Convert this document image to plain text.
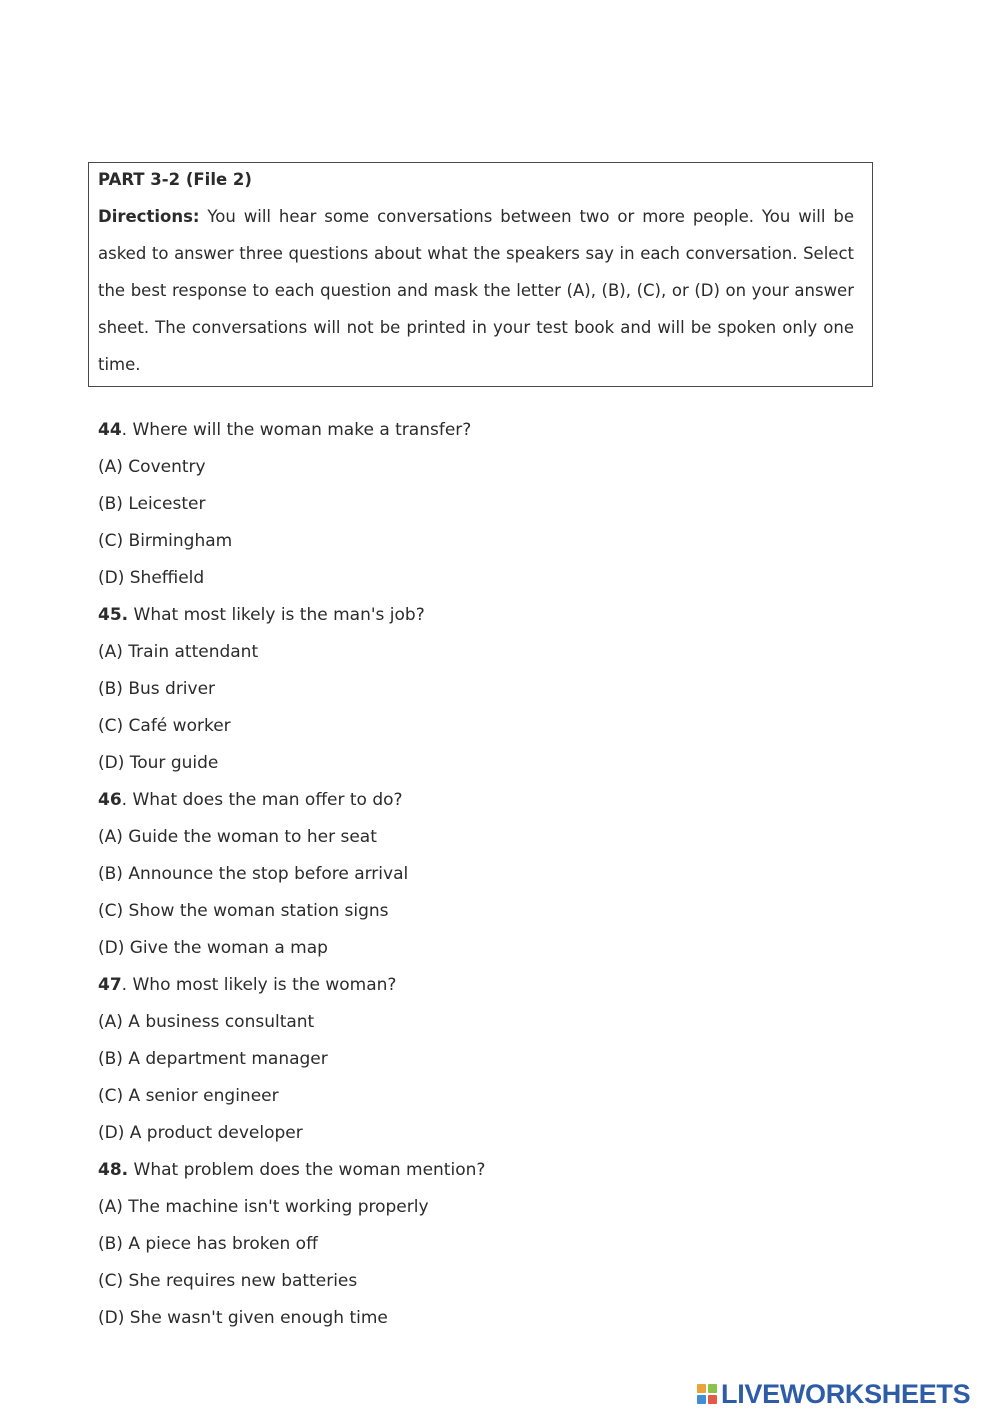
PART 3-2 (File 2)

Directions: You will hear some conversations between two or more people. You will be asked to answer three questions about what the speakers say in each conversation. Select the best response to each question and mask the letter (A), (B), (C), or (D) on your answer sheet. The conversations will not be printed in your test book and will be spoken only one time.

44. Where will the woman make a transfer?
(A) Coventry
(B) Leicester
(C) Birmingham
(D) Sheffield
45. What most likely is the man's job?
(A) Train attendant
(B) Bus driver
(C) Café worker
(D) Tour guide
46. What does the man offer to do?
(A) Guide the woman to her seat
(B) Announce the stop before arrival
(C) Show the woman station signs
(D) Give the woman a map
47. Who most likely is the woman?
(A) A business consultant
(B) A department manager
(C) A senior engineer
(D) A product developer
48. What problem does the woman mention?
(A) The machine isn't working properly
(B) A piece has broken off
(C) She requires new batteries
(D) She wasn't given enough time
LIVEWORKSHEETS
